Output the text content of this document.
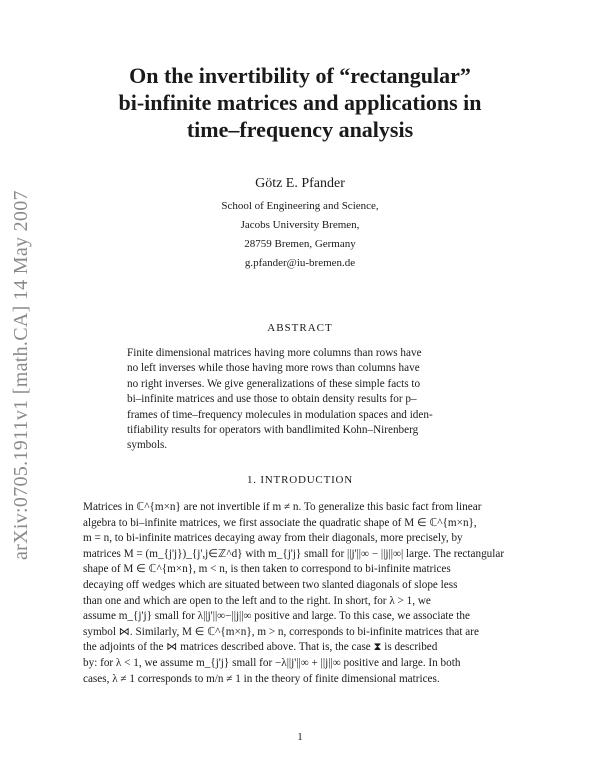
arXiv:0705.1911v1 [math.CA] 14 May 2007
On the invertibility of “rectangular”
bi-infinite matrices and applications in
time–frequency analysis
Götz E. Pfander
School of Engineering and Science,
Jacobs University Bremen,
28759 Bremen, Germany
g.pfander@iu-bremen.de
ABSTRACT
Finite dimensional matrices having more columns than rows have
no left inverses while those having more rows than columns have
no right inverses. We give generalizations of these simple facts to
bi–infinite matrices and use those to obtain density results for p–
frames of time–frequency molecules in modulation spaces and iden-
tifiability results for operators with bandlimited Kohn–Nirenberg
symbols.
1. INTRODUCTION
Matrices in ℂ^{m×n} are not invertible if m ≠ n. To generalize this basic fact from linear
algebra to bi–infinite matrices, we first associate the quadratic shape of M ∈ ℂ^{m×n},
m = n, to bi-infinite matrices decaying away from their diagonals, more precisely, by
matrices M = (m_{j'j})_{j',j∈ℤ^d} with m_{j'j} small for ||j'||∞ − ||j||∞| large. The rectangular
shape of M ∈ ℂ^{m×n}, m < n, is then taken to correspond to bi-infinite matrices
decaying off wedges which are situated between two slanted diagonals of slope less
than one and which are open to the left and to the right. In short, for λ > 1, we
assume m_{j'j} small for λ||j'||∞−||j||∞ positive and large. To this case, we associate the
symbol ⋈. Similarly, M ∈ ℂ^{m×n}, m > n, corresponds to bi-infinite matrices that are
the adjoints of the ⋈ matrices described above. That is, the case ⧗ is described
by: for λ < 1, we assume m_{j'j} small for −λ||j'||∞ + ||j||∞ positive and large. In both
cases, λ ≠ 1 corresponds to m/n ≠ 1 in the theory of finite dimensional matrices.
1
